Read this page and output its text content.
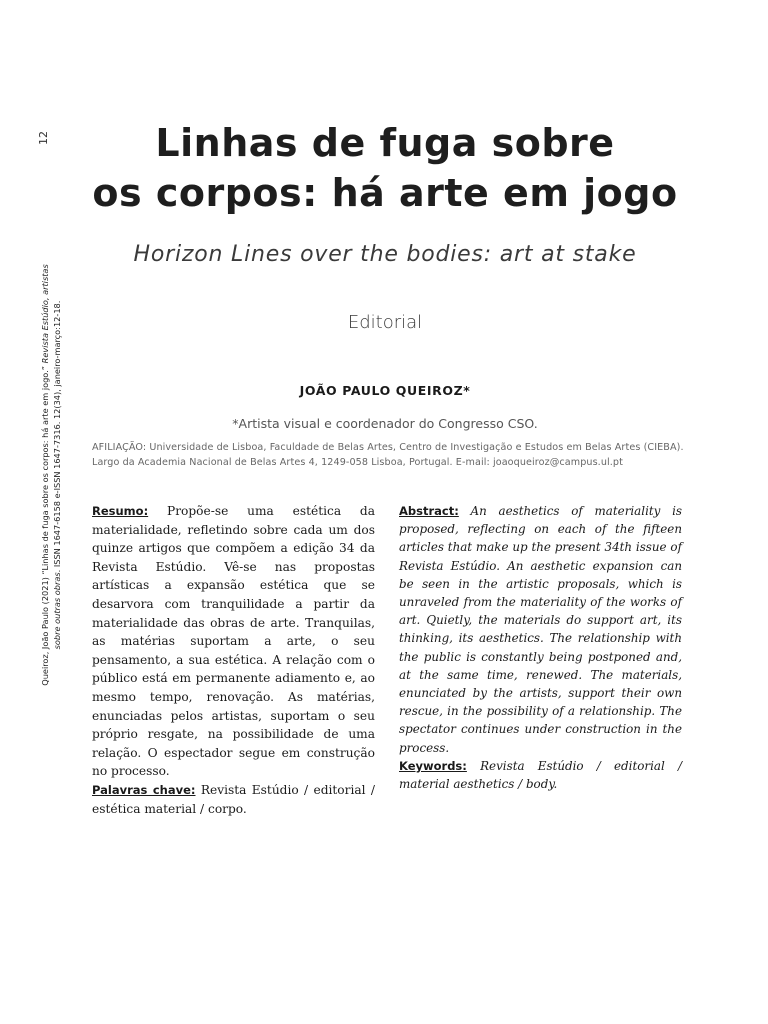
12
Queiroz, João Paulo (2021) “Linhas de fuga sobre os corpos: há arte em jogo.” Revista Estúdio, artistas
sobre outras obras. ISSN 1647-6158 e-ISSN 1647-7316. 12(34), janeiro-março:12-18.
Linhas de fuga sobre
os corpos: há arte em jogo
Horizon Lines over the bodies: art at stake
Editorial
JOÃO PAULO QUEIROZ*
*Artista visual e coordenador do Congresso CSO.
AFILIAÇÃO: Universidade de Lisboa, Faculdade de Belas Artes, Centro de Investigação e Estudos em Belas Artes (CIEBA).
Largo da Academia Nacional de Belas Artes 4, 1249-058 Lisboa, Portugal. E-mail: joaoqueiroz@campus.ul.pt

Resumo: Propõe-se uma estética da materialidade, refletindo sobre cada um dos quinze artigos que compõem a edição 34 da Revista Estúdio. Vê-se nas propostas artísticas a expansão estética que se desarvora com tranquilidade a partir da materialidade das obras de arte. Tranquilas, as matérias suportam a arte, o seu pensamento, a sua estética. A relação com o público está em permanente adiamento e, ao mesmo tempo, renovação. As matérias, enunciadas pelos artistas, suportam o seu próprio resgate, na possibilidade de uma relação. O espectador segue em construção no processo.

Palavras chave: Revista Estúdio / editorial / estética material / corpo.

Abstract: An aesthetics of materiality is proposed, reflecting on each of the fifteen articles that make up the present 34th issue of Revista Estúdio. An aesthetic expansion can be seen in the artistic proposals, which is unraveled from the materiality of the works of art. Quietly, the materials do support art, its thinking, its aesthetics. The relationship with the public is constantly being postponed and, at the same time, renewed. The materials, enunciated by the artists, support their own rescue, in the possibility of a relationship. The spectator continues under construction in the process.

Keywords: Revista Estúdio / editorial / material aesthetics / body.
